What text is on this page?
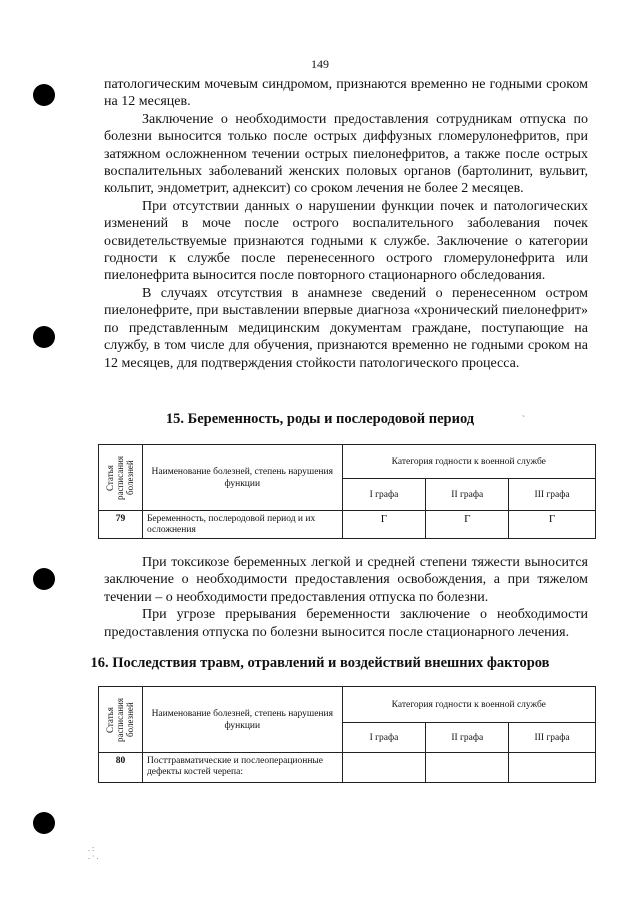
149

патологическим мочевым синдромом, признаются временно не годными сроком на 12 месяцев.

Заключение о необходимости предоставления сотрудникам отпуска по болезни выносится только после острых диффузных гломерулонефритов, при затяжном осложненном течении острых пиелонефритов, а также после острых воспалительных заболеваний женских половых органов (бартолинит, вульвит, кольпит, эндометрит, аднексит) со сроком лечения не более 2 месяцев.

При отсутствии данных о нарушении функции почек и патологических изменений в моче после острого воспалительного заболевания почек освидетельствуемые признаются годными к службе. Заключение о категории годности к службе после перенесенного острого гломерулонефрита или пиелонефрита выносится после повторного стационарного обследования.

В случаях отсутствия в анамнезе сведений о перенесенном остром пиелонефрите, при выставлении впервые диагноза «хронический пиелонефрит» по представленным медицинским документам граждане, поступающие на службу, в том числе для обучения, признаются временно не годными сроком на 12 месяцев, для подтверждения стойкости патологического процесса.

15. Беременность, роды и послеродовой период	`
Статья расписания болезней	Наименование болезней, степень нарушения функции	Категория годности к военной службе		
		I графа	II графа	III графа
79	Беременность, послеродовой период и их осложнения	Г	Г	Г

При токсикозе беременных легкой и средней степени тяжести выносится заключение о необходимости предоставления освобождения, а при тяжелом течении – о необходимости предоставления отпуска по болезни.

При угрозе прерывания беременности заключение о необходимости предоставления отпуска по болезни выносится после стационарного лечения.

16. Последствия травм, отравлений и воздействий внешних факторов
Статья расписания болезней	Наименование болезней, степень нарушения функции	Категория годности к военной службе		
		I графа	II графа	III графа
80	Посттравматические и послеоперационные дефекты костей черепа:			
. :
. · .
